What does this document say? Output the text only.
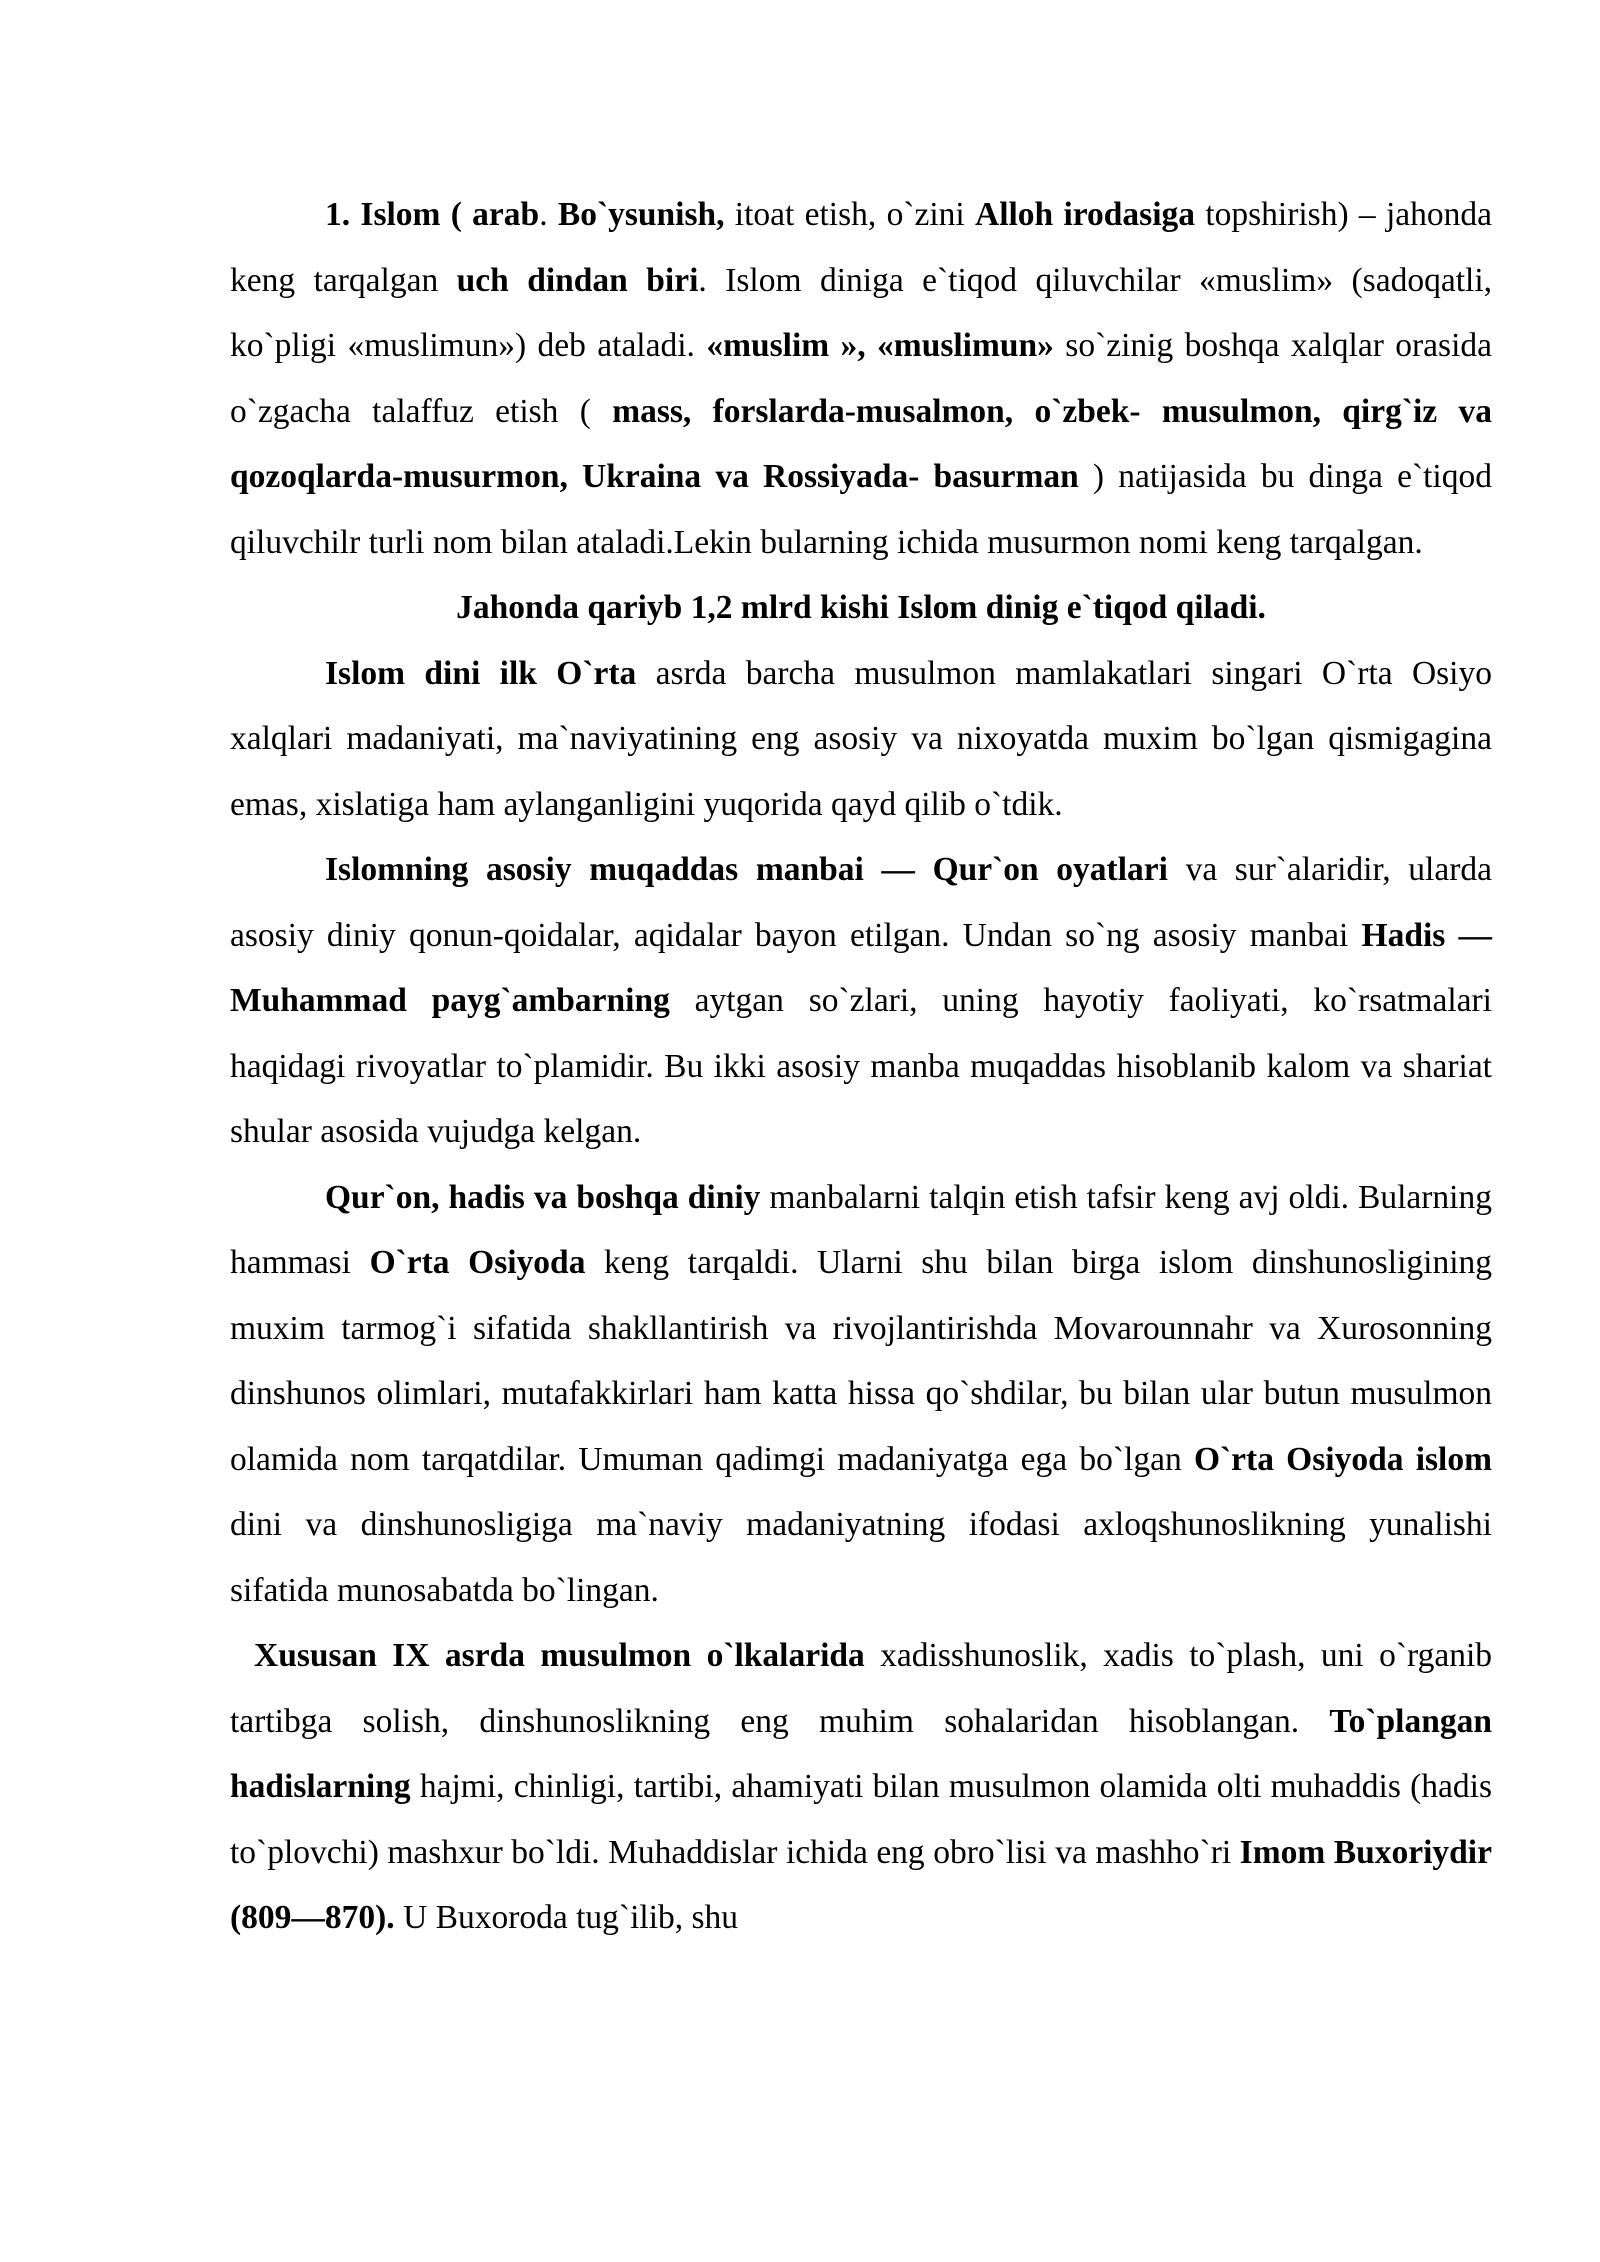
1. Islom ( arab. Bo`ysunish, itoat etish, o`zini Alloh irodasiga topshirish) – jahonda keng tarqalgan uch dindan biri. Islom diniga e`tiqod qiluvchilar «muslim» (sadoqatli, ko`pligi «muslimun») deb ataladi. «muslim », «muslimun» so`zinig boshqa xalqlar orasida o`zgacha talaffuz etish ( mass, forslarda-musalmon, o`zbek- musulmon, qirg`iz va qozoqlarda-musurmon, Ukraina va Rossiyada- basurman ) natijasida bu dinga e`tiqod qiluvchilr turli nom bilan ataladi.Lekin bularning ichida musurmon nomi keng tarqalgan.

Jahonda qariyb 1,2 mlrd kishi Islom dinig e`tiqod qiladi.

Islom dini ilk O`rta asrda barcha musulmon mamlakatlari singari O`rta Osiyo xalqlari madaniyati, ma`naviyatining eng asosiy va nixoyatda muxim bo`lgan qismigagina emas, xislatiga ham aylanganligini yuqorida qayd qilib o`tdik.

Islomning asosiy muqaddas manbai — Qur`on oyatlari va sur`alaridir, ularda asosiy diniy qonun-qoidalar, aqidalar bayon etilgan. Undan so`ng asosiy manbai Hadis — Muhammad payg`ambarning aytgan so`zlari, uning hayotiy faoliyati, ko`rsatmalari haqidagi rivoyatlar to`plamidir. Bu ikki asosiy manba muqaddas hisoblanib kalom va shariat shular asosida vujudga kelgan.

Qur`on, hadis va boshqa diniy manbalarni talqin etish tafsir keng avj oldi. Bularning hammasi O`rta Osiyoda keng tarqaldi. Ularni shu bilan birga islom dinshunosligining muxim tarmog`i sifatida shakllantirish va rivojlantirishda Movarounnahr va Xurosonning dinshunos olimlari, mutafakkirlari ham katta hissa qo`shdilar, bu bilan ular butun musulmon olamida nom tarqatdilar. Umuman qadimgi madaniyatga ega bo`lgan O`rta Osiyoda islom dini va dinshunosligiga ma`naviy madaniyatning ifodasi axloqshunoslikning yunalishi sifatida munosabatda bo`lingan.

Xususan IX asrda musulmon o`lkalarida xadisshunoslik, xadis to`plash, uni o`rganib tartibga solish, dinshunoslikning eng muhim sohalaridan hisoblangan. To`plangan hadislarning hajmi, chinligi, tartibi, ahamiyati bilan musulmon olamida olti muhaddis (hadis to`plovchi) mashxur bo`ldi. Muhaddislar ichida eng obro`lisi va mashho`ri Imom Buxoriydir (809—870). U Buxoroda tug`ilib, shu
